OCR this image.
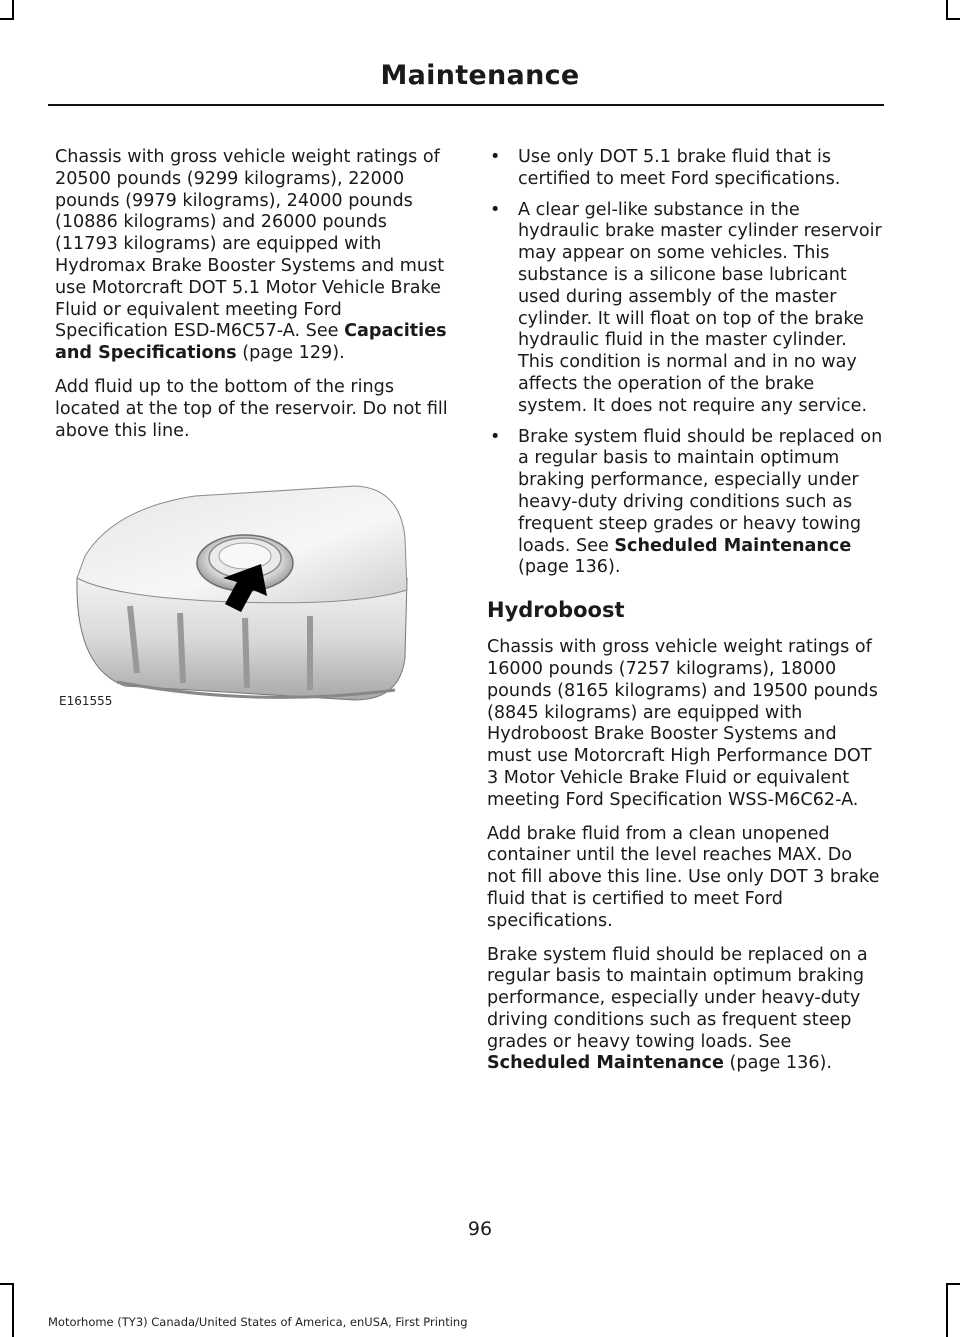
Maintenance

Chassis with gross vehicle weight ratings of 20500 pounds (9299 kilograms), 22000 pounds (9979 kilograms), 24000 pounds (10886 kilograms) and 26000 pounds (11793 kilograms) are equipped with Hydromax Brake Booster Systems and must use Motorcraft DOT 5.1 Motor Vehicle Brake Fluid or equivalent meeting Ford Specification ESD-M6C57-A. See Capacities and Specifications (page 129).

Add fluid up to the bottom of the rings located at the top of the reservoir. Do not fill above this line.

E161555
• Use only DOT 5.1 brake fluid that is certified to meet Ford specifications.
• A clear gel-like substance in the hydraulic brake master cylinder reservoir may appear on some vehicles. This substance is a silicone base lubricant used during assembly of the master cylinder. It will float on top of the brake hydraulic fluid in the master cylinder. This condition is normal and in no way affects the operation of the brake system. It does not require any service.
• Brake system fluid should be replaced on a regular basis to maintain optimum braking performance, especially under heavy-duty driving conditions such as frequent steep grades or heavy towing loads. See Scheduled Maintenance (page 136).
Hydroboost

Chassis with gross vehicle weight ratings of 16000 pounds (7257 kilograms), 18000 pounds (8165 kilograms) and 19500 pounds (8845 kilograms) are equipped with Hydroboost Brake Booster Systems and must use Motorcraft High Performance DOT 3 Motor Vehicle Brake Fluid or equivalent meeting Ford Specification WSS-M6C62-A.

Add brake fluid from a clean unopened container until the level reaches MAX. Do not fill above this line. Use only DOT 3 brake fluid that is certified to meet Ford specifications.

Brake system fluid should be replaced on a regular basis to maintain optimum braking performance, especially under heavy-duty driving conditions such as frequent steep grades or heavy towing loads. See Scheduled Maintenance (page 136).

96
Motorhome (TY3) Canada/United States of America, enUSA, First Printing
